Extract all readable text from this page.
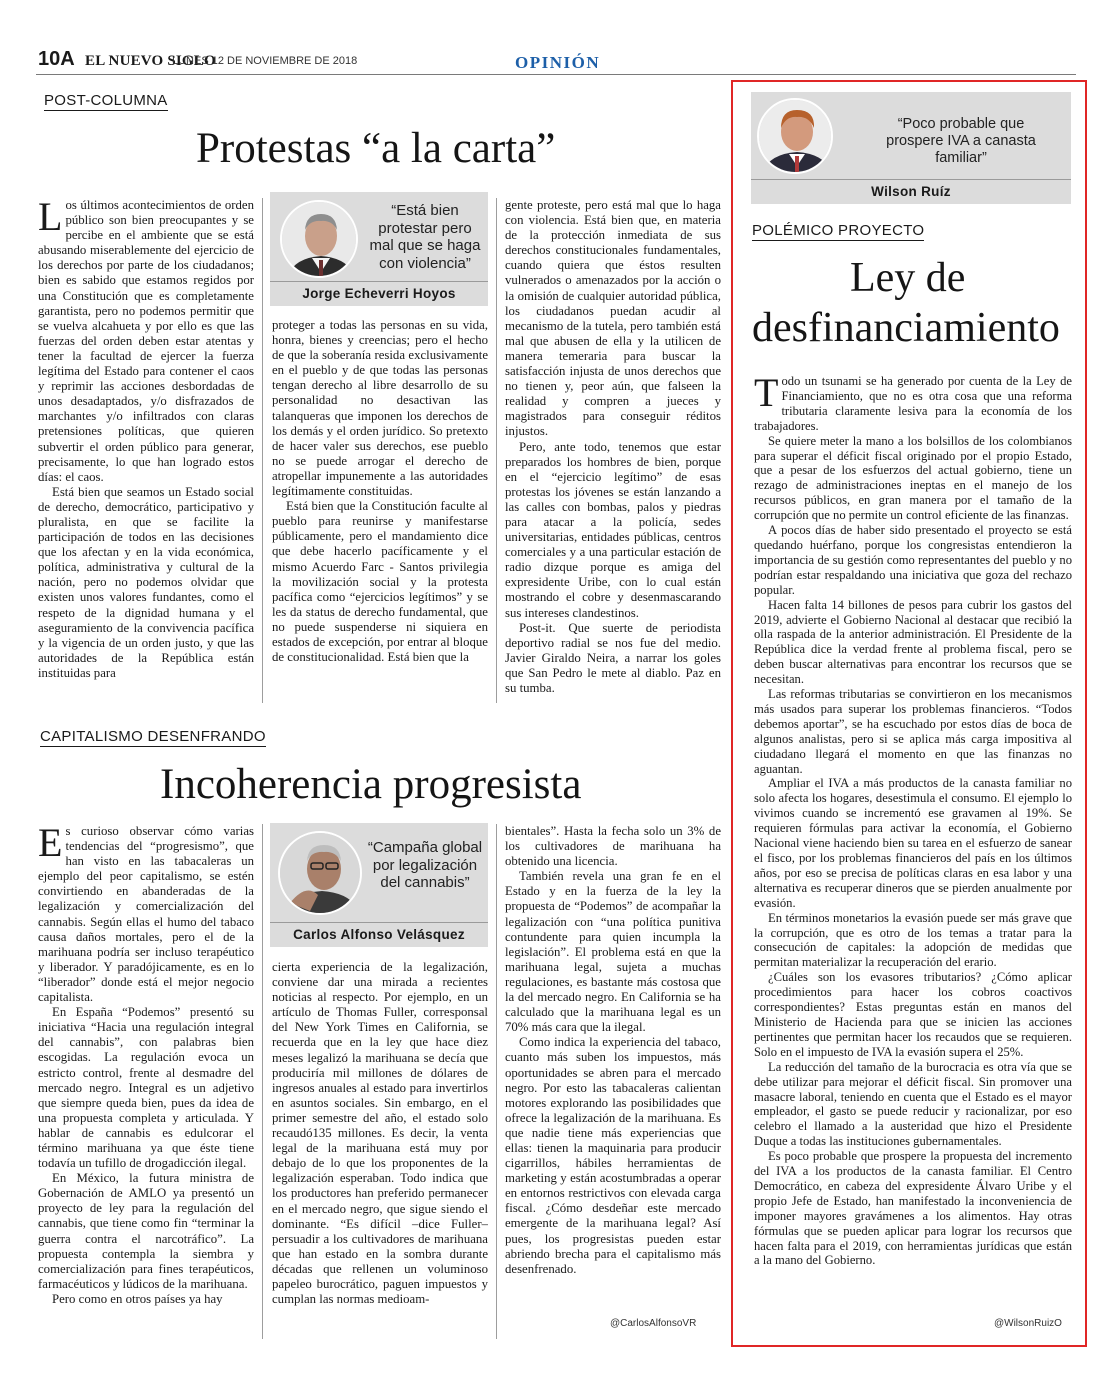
10A EL NUEVO SIGLO
LUNES 12 DE NOVIEMBRE DE 2018	OPINIÓN
POST-COLUMNA
Protestas “a la carta”

Los últimos acontecimientos de orden público son bien preocupantes y se percibe en el ambiente que se está abusando miserablemente del ejercicio de los derechos por parte de los ciudadanos; bien es sabido que estamos regidos por una Constitución que es completamente garantista, pero no podemos permitir que se vuelva alcahueta y por ello es que las fuerzas del orden deben estar atentas y tener la facultad de ejercer la fuerza legítima del Estado para contener el caos y reprimir las acciones desbordadas de unos desadaptados, y/o disfrazados de marchantes y/o infiltrados con claras pretensiones políticas, que quieren subvertir el orden público para generar, precisamente, lo que han logrado estos días: el caos.

Está bien que seamos un Estado social de derecho, democrático, participativo y pluralista, en que se facilite la participación de todos en las decisiones que los afectan y en la vida económica, política, administrativa y cultural de la nación, pero no podemos olvidar que existen unos valores fundantes, como el respeto de la dignidad humana y el aseguramiento de la convivencia pacífica y la vigencia de un orden justo, y que las autoridades de la República están instituidas para

“Está bien protestar pero mal que se haga con violencia”
Jorge Echeverri Hoyos

proteger a todas las personas en su vida, honra, bienes y creencias; pero el hecho de que la soberanía resida exclusivamente en el pueblo y de que todas las personas tengan derecho al libre desarrollo de su personalidad no desactivan las talanqueras que imponen los derechos de los demás y el orden jurídico. So pretexto de hacer valer sus derechos, ese pueblo no se puede arrogar el derecho de atropellar impunemente a las autoridades legítimamente constituidas.

Está bien que la Constitución faculte al pueblo para reunirse y manifestarse públicamente, pero el mandamiento dice que debe hacerlo pacíficamente y el mismo Acuerdo Farc - Santos privilegia la movilización social y la protesta pacífica como “ejercicios legítimos” y se les da status de derecho fundamental, que no puede suspenderse ni siquiera en estados de excepción, por entrar al bloque de constitucionalidad. Está bien que la

gente proteste, pero está mal que lo haga con violencia. Está bien que, en materia de la protección inmediata de sus derechos constitucionales fundamentales, cuando quiera que éstos resulten vulnerados o amenazados por la acción o la omisión de cualquier autoridad pública, los ciudadanos puedan acudir al mecanismo de la tutela, pero también está mal que abusen de ella y la utilicen de manera temeraria para buscar la satisfacción injusta de unos derechos que no tienen y, peor aún, que falseen la realidad y compren a jueces y magistrados para conseguir réditos injustos.

Pero, ante todo, tenemos que estar preparados los hombres de bien, porque en el “ejercicio legítimo” de esas protestas los jóvenes se están lanzando a las calles con bombas, palos y piedras para atacar a la policía, sedes universitarias, entidades públicas, centros comerciales y a una particular estación de radio dizque porque es amiga del expresidente Uribe, con lo cual están mostrando el cobre y desenmascarando sus intereses clandestinos.

Post-it. Que suerte de periodista deportivo radial se nos fue del medio. Javier Giraldo Neira, a narrar los goles que San Pedro le mete al diablo. Paz en su tumba.

CAPITALISMO DESENFRANDO
Incoherencia progresista

Es curioso observar cómo varias tendencias del “progresismo”, que han visto en las tabacaleras un ejemplo del peor capitalismo, se estén convirtiendo en abanderadas de la legalización y comercialización del cannabis. Según ellas el humo del tabaco causa daños mortales, pero el de la marihuana podría ser incluso terapéutico y liberador. Y paradójicamente, es en lo “liberador” donde está el mejor negocio capitalista.

En España “Podemos” presentó su iniciativa “Hacia una regulación integral del cannabis”, con palabras bien escogidas. La regulación evoca un estricto control, frente al desmadre del mercado negro. Integral es un adjetivo que siempre queda bien, pues da idea de una propuesta completa y articulada. Y hablar de cannabis es edulcorar el término marihuana ya que éste tiene todavía un tufillo de drogadicción ilegal.

En México, la futura ministra de Gobernación de AMLO ya presentó un proyecto de ley para la regulación del cannabis, que tiene como fin “terminar la guerra contra el narcotráfico”. La propuesta contempla la siembra y comercialización para fines terapéuticos, farmacéuticos y lúdicos de la marihuana.

Pero como en otros países ya hay

“Campaña global por legalización del cannabis”
Carlos Alfonso Velásquez

cierta experiencia de la legalización, conviene dar una mirada a recientes noticias al respecto. Por ejemplo, en un artículo de Thomas Fuller, corresponsal del New York Times en California, se recuerda que en la ley que hace diez meses legalizó la marihuana se decía que produciría mil millones de dólares de ingresos anuales al estado para invertirlos en asuntos sociales. Sin embargo, en el primer semestre del año, el estado solo recaudó135 millones. Es decir, la venta legal de la marihuana está muy por debajo de lo que los proponentes de la legalización esperaban. Todo indica que los productores han preferido permanecer en el mercado negro, que sigue siendo el dominante. “Es difícil –dice Fuller– persuadir a los cultivadores de marihuana que han estado en la sombra durante décadas que rellenen un voluminoso papeleo burocrático, paguen impuestos y cumplan las normas medioam-

bientales”. Hasta la fecha solo un 3% de los cultivadores de marihuana ha obtenido una licencia.

También revela una gran fe en el Estado y en la fuerza de la ley la propuesta de “Podemos” de acompañar la legalización con “una política punitiva contundente para quien incumpla la legislación”. El problema está en que la marihuana legal, sujeta a muchas regulaciones, es bastante más costosa que la del mercado negro. En California se ha calculado que la marihuana legal es un 70% más cara que la ilegal.

Como indica la experiencia del tabaco, cuanto más suben los impuestos, más oportunidades se abren para el mercado negro. Por esto las tabacaleras calientan motores explorando las posibilidades que ofrece la legalización de la marihuana. Es que nadie tiene más experiencias que ellas: tienen la maquinaria para producir cigarrillos, hábiles herramientas de marketing y están acostumbradas a operar en entornos restrictivos con elevada carga fiscal. ¿Cómo desdeñar este mercado emergente de la marihuana legal? Así pues, los progresistas pueden estar abriendo brecha para el capitalismo más desenfrenado.

@CarlosAlfonsoVR
“Poco probable que prospere IVA a canasta familiar”
Wilson Ruíz
POLÉMICO PROYECTO
Ley de
desfinanciamiento

Todo un tsunami se ha generado por cuenta de la Ley de Financiamiento, que no es otra cosa que una reforma tributaria claramente lesiva para la economía de los trabajadores.

Se quiere meter la mano a los bolsillos de los colombianos para superar el déficit fiscal originado por el propio Estado, que a pesar de los esfuerzos del actual gobierno, tiene un rezago de administraciones ineptas en el manejo de los recursos públicos, en gran manera por el tamaño de la corrupción que no permite un control eficiente de las finanzas.

A pocos días de haber sido presentado el proyecto se está quedando huérfano, porque los congresistas entendieron la importancia de su gestión como representantes del pueblo y no podrían estar respaldando una iniciativa que goza del rechazo popular.

Hacen falta 14 billones de pesos para cubrir los gastos del 2019, advierte el Gobierno Nacional al destacar que recibió la olla raspada de la anterior administración. El Presidente de la República dice la verdad frente al problema fiscal, pero se deben buscar alternativas para encontrar los recursos que se necesitan.

Las reformas tributarias se convirtieron en los mecanismos más usados para superar los problemas financieros. “Todos debemos aportar”, se ha escuchado por estos días de boca de algunos analistas, pero si se aplica más carga impositiva al ciudadano llegará el momento en que las finanzas no aguantan.

Ampliar el IVA a más productos de la canasta familiar no solo afecta los hogares, desestimula el consumo. El ejemplo lo vivimos cuando se incrementó ese gravamen al 19%. Se requieren fórmulas para activar la economía, el Gobierno Nacional viene haciendo bien su tarea en el esfuerzo de sanear el fisco, por los problemas financieros del país en los últimos años, por eso se precisa de políticas claras en esa labor y una alternativa es recuperar dineros que se pierden anualmente por evasión.

En términos monetarios la evasión puede ser más grave que la corrupción, que es otro de los temas a tratar para la consecución de capitales: la adopción de medidas que permitan materializar la recuperación del erario.

¿Cuáles son los evasores tributarios? ¿Cómo aplicar procedimientos para hacer los cobros coactivos correspondientes? Estas preguntas están en manos del Ministerio de Hacienda para que se inicien las acciones pertinentes que permitan hacer los recaudos que se requieren. Solo en el impuesto de IVA la evasión supera el 25%.

La reducción del tamaño de la burocracia es otra vía que se debe utilizar para mejorar el déficit fiscal. Sin promover una masacre laboral, teniendo en cuenta que el Estado es el mayor empleador, el gasto se puede reducir y racionalizar, por eso celebro el llamado a la austeridad que hizo el Presidente Duque a todas las instituciones gubernamentales.

Es poco probable que prospere la propuesta del incremento del IVA a los productos de la canasta familiar. El Centro Democrático, en cabeza del expresidente Álvaro Uribe y el propio Jefe de Estado, han manifestado la inconveniencia de imponer mayores gravámenes a los alimentos. Hay otras fórmulas que se pueden aplicar para lograr los recursos que hacen falta para el 2019, con herramientas jurídicas que están a la mano del Gobierno.

@WilsonRuizO
